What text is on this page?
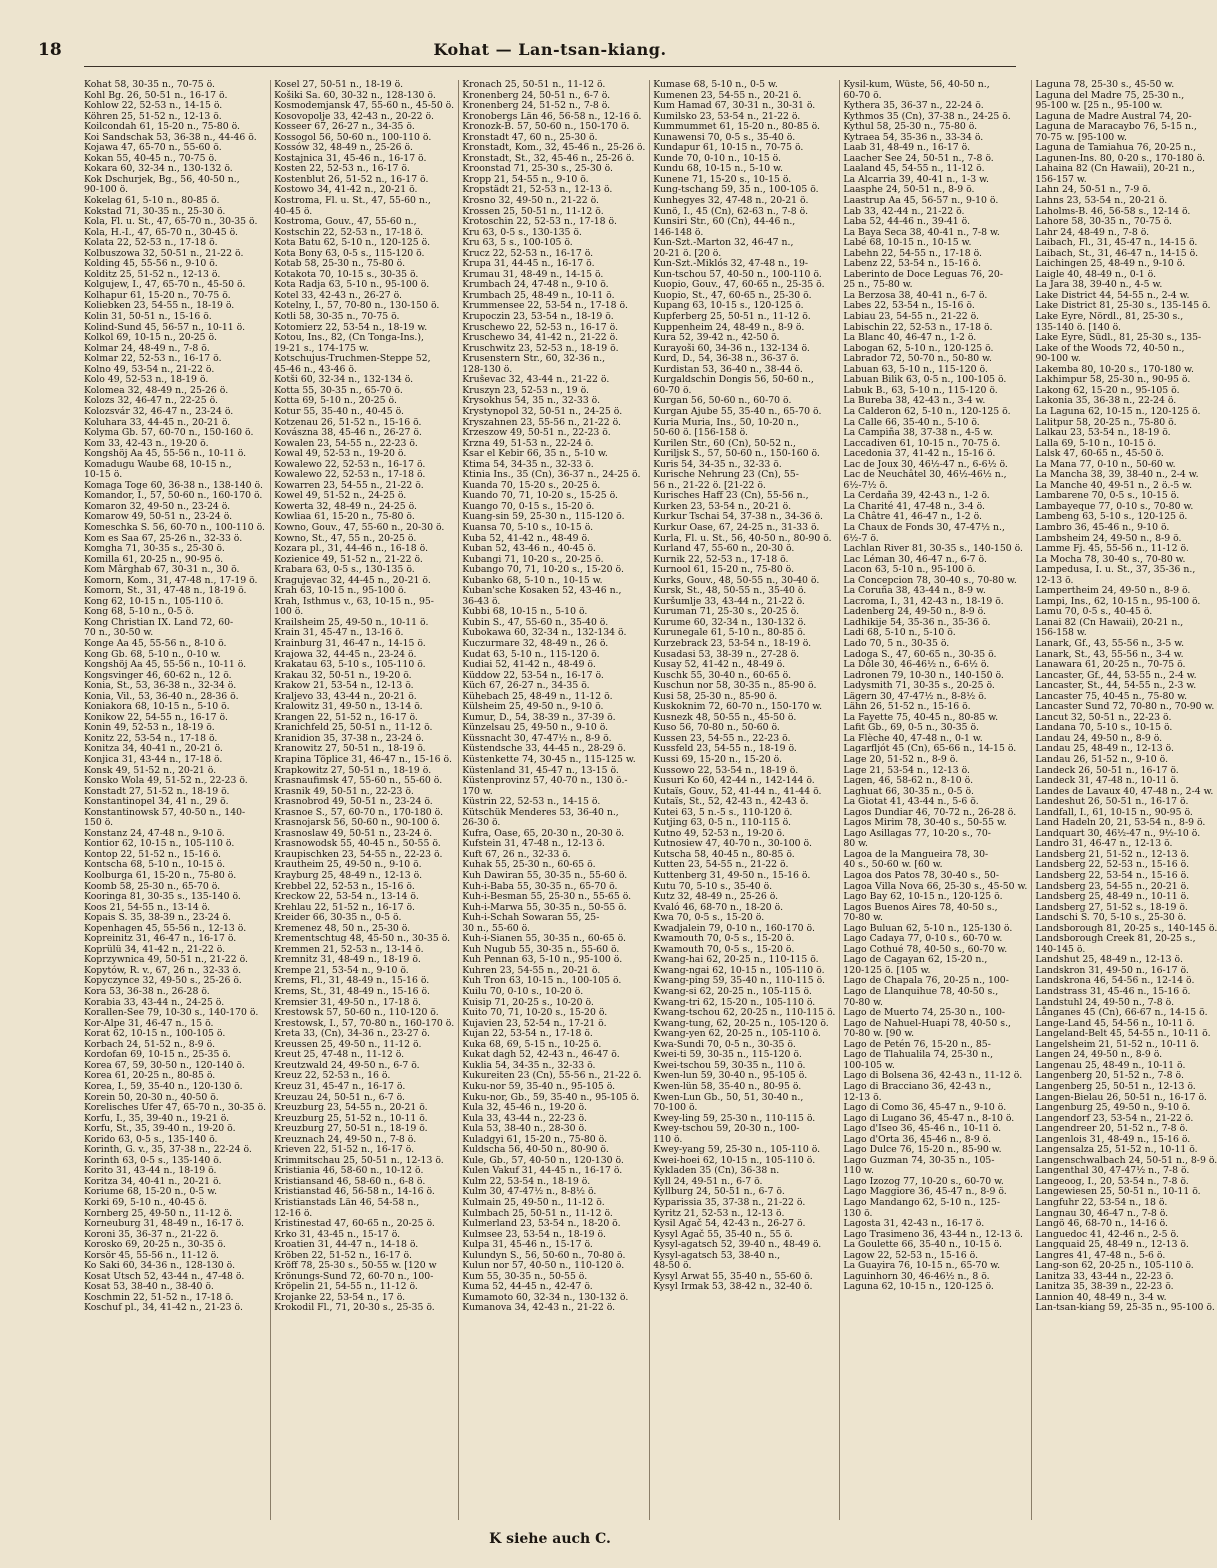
18	Kohat — Lan-tsan-kiang.
Kohat 58, 30-35 n., 70-75 ö.
Kohl Bg. 26, 50-51 n., 16-17 ö.
Kohlow 22, 52-53 n., 14-15 ö.
Köhren 25, 51-52 n., 12-13 ö.
Koilcondah 61, 15-20 n., 75-80 ö.
Koi Sandschak 53, 36-38 n., 44-46 ö.
Kojawa 47, 65-70 n., 55-60 ö.
Kokan 55, 40-45 n., 70-75 ö.
Kokara 60, 32-34 n., 130-132 ö.
Kok Dschurjek, Bg., 56, 40-50 n.,
90-100 ö.
Kokelag 61, 5-10 n., 80-85 ö.
Kokstad 71, 30-35 n., 25-30 ö.
Kola, Fl. u. St., 47, 65-70 n., 30-35 ö.
Kola, H.-I., 47, 65-70 n., 30-45 ö.
Kolata 22, 52-53 n., 17-18 ö.
Kolbuszowa 32, 50-51 n., 21-22 ö.
Kolding 45, 55-56 n., 9-10 ö.
Kolditz 25, 51-52 n., 12-13 ö.
Kolgujew, I., 47, 65-70 n., 45-50 ö.
Kolhapur 61, 15-20 n., 70-75 ö.
Koliebken 23, 54-55 n., 18-19 ö.
Kolin 31, 50-51 n., 15-16 ö.
Kolind-Sund 45, 56-57 n., 10-11 ö.
Kolkol 69, 10-15 n., 20-25 ö.
Kolmar 24, 48-49 n., 7-8 ö.
Kolmar 22, 52-53 n., 16-17 ö.
Kolno 49, 53-54 n., 21-22 ö.
Kolo 49, 52-53 n., 18-19 ö.
Kolomea 32, 48-49 n., 25-26 ö.
Kolozs 32, 46-47 n., 22-25 ö.
Kolozsvár 32, 46-47 n., 23-24 ö.
Koluhara 33, 44-45 n., 20-21 ö.
Kolyma Gb. 57, 60-70 n., 150-160 ö.
Kom 33, 42-43 n., 19-20 ö.
Kongshöj Aa 45, 55-56 n., 10-11 ö.
Komadugu Waube 68, 10-15 n.,
10-15 ö.
Komaga Toge 60, 36-38 n., 138-140 ö.
Komandor, I., 57, 50-60 n., 160-170 ö.
Komaron 32, 49-50 n., 23-24 ö.
Komarow 49, 50-51 n., 23-24 ö.
Komeschka S. 56, 60-70 n., 100-110 ö.
Kom es Saa 67, 25-26 n., 32-33 ö.
Komgha 71, 30-35 s., 25-30 ö.
Komilla 61, 20-25 n., 90-95 ö.
Kom Mârghab 67, 30-31 n., 30 ö.
Komorn, Kom., 31, 47-48 n., 17-19 ö.
Komorn, St., 31, 47-48 n., 18-19 ö.
Kong 62, 10-15 n., 105-110 ö.
Kong 68, 5-10 n., 0-5 ö.
Kong Christian IX. Land 72, 60-
70 n., 30-50 w.
Konge Aa 45, 55-56 n., 8-10 ö.
Kong Gb. 68, 5-10 n., 0-10 w.
Kongshöj Aa 45, 55-56 n., 10-11 ö.
Kongsvinger 46, 60-62 n., 12 ö.
Konia, St., 53, 36-38 n., 32-34 ö.
Konia, Vil., 53, 36-40 n., 28-36 ö.
Koniakora 68, 10-15 n., 5-10 ö.
Konikow 22, 54-55 n., 16-17 ö.
Konin 49, 52-53 n., 18-19 ö.
Konitz 22, 53-54 n., 17-18 ö.
Konitza 34, 40-41 n., 20-21 ö.
Konjica 31, 43-44 n., 17-18 ö.
Konsk 49, 51-52 n., 20-21 ö.
Konsko Wola 49, 51-52 n., 22-23 ö.
Konstadt 27, 51-52 n., 18-19 ö.
Konstantinopel 34, 41 n., 29 ö.
Konstantinowsk 57, 40-50 n., 140-
150 ö.
Konstanz 24, 47-48 n., 9-10 ö.
Kontior 62, 10-15 n., 105-110 ö.
Kontop 22, 51-52 n., 15-16 ö.
Kontscha 68, 5-10 n., 10-15 ö.
Koolburga 61, 15-20 n., 75-80 ö.
Koomb 58, 25-30 n., 65-70 ö.
Kooringa 81, 30-35 s., 135-140 ö.
Koos 21, 54-55 n., 13-14 ö.
Kopais S. 35, 38-39 n., 23-24 ö.
Kopenhagen 45, 55-56 n., 12-13 ö.
Kopreinitz 31, 46-47 n., 16-17 ö.
Koprülü 34, 41-42 n., 21-22 ö.
Koprzywnica 49, 50-51 n., 21-22 ö.
Kopytów, R. v., 67, 26 n., 32-33 ö.
Kopyczynce 32, 49-50 s., 25-26 ö.
Kora 53, 36-38 n., 26-28 ö.
Korabia 33, 43-44 n., 24-25 ö.
Korallen-See 79, 10-30 s., 140-170 ö.
Kor-Alpe 31, 46-47 n., 15 ö.
Korat 62, 10-15 n., 100-105 ö.
Korbach 24, 51-52 n., 8-9 ö.
Kordofan 69, 10-15 n., 25-35 ö.
Korea 67, 59, 30-50 n., 120-140 ö.
Korea 61, 20-25 n., 80-85 ö.
Korea, I., 59, 35-40 n., 120-130 ö.
Korein 50, 20-30 n., 40-50 ö.
Korelisches Ufer 47, 65-70 n., 30-35 ö.
Korfu, I., 35, 39-40 n., 19-21 ö.
Korfu, St., 35, 39-40 n., 19-20 ö.
Korido 63, 0-5 s., 135-140 ö.
Korinth, G. v., 35, 37-38 n., 22-24 ö.
Korinth 63, 0-5 s., 135-140 ö.
Korito 31, 43-44 n., 18-19 ö.
Koritza 34, 40-41 n., 20-21 ö.
Koriume 68, 15-20 n., 0-5 w.
Korki 69, 5-10 n., 40-45 ö.
Kornberg 25, 49-50 n., 11-12 ö.
Korneuburg 31, 48-49 n., 16-17 ö.
Koroni 35, 36-37 n., 21-22 ö.
Korosko 69, 20-25 n., 30-35 ö.
Korsör 45, 55-56 n., 11-12 ö.
Ko Saki 60, 34-36 n., 128-130 ö.
Kosat Utsch 52, 43-44 n., 47-48 ö.
Kosat 53, 38-40 n., 38-40 ö.
Koschmin 22, 51-52 n., 17-18 ö.
Koschuf pl., 34, 41-42 n., 21-23 ö.
Kosel 27, 50-51 n., 18-19 ö.
Košiki Sa. 60, 30-32 n., 128-130 ö.
Kosmodemjansk 47, 55-60 n., 45-50 ö.
Kosovopolje 33, 42-43 n., 20-22 ö.
Kosseer 67, 26-27 n., 34-35 ö.
Kossogol 56, 50-60 n., 100-110 ö.
Kossów 32, 48-49 n., 25-26 ö.
Kostajnica 31, 45-46 n., 16-17 ö.
Kosten 22, 52-53 n., 16-17 ö.
Kostenblut 26, 51-52 n., 16-17 ö.
Kostowo 34, 41-42 n., 20-21 ö.
Kostroma, Fl. u. St., 47, 55-60 n.,
40-45 ö.
Kostroma, Gouv., 47, 55-60 n.,
Kostschin 22, 52-53 n., 17-18 ö.
Kota Batu 62, 5-10 n., 120-125 ö.
Kota Bony 63, 0-5 s., 115-120 ö.
Kotab 58, 25-30 n., 75-80 ö.
Kotakota 70, 10-15 s., 30-35 ö.
Kota Radja 63, 5-10 n., 95-100 ö.
Kotel 33, 42-43 n., 26-27 ö.
Kotelny, I., 57, 70-80 n., 130-150 ö.
Kotli 58, 30-35 n., 70-75 ö.
Kotomierz 22, 53-54 n., 18-19 w.
Kotou, Ins., 82, (Cn Tonga-Ins.),
19-21 s., 174-175 w.
Kotschujus-Truchmen-Steppe 52,
45-46 n., 43-46 ö.
Kotši 60, 32-34 n., 132-134 ö.
Kotta 55, 30-35 n., 65-70 ö.
Kotta 69, 5-10 n., 20-25 ö.
Kotur 55, 35-40 n., 40-45 ö.
Kotzenau 26, 51-52 n., 15-16 ö.
Kovászna 38, 45-46 n., 26-27 ö.
Kowalen 23, 54-55 n., 22-23 ö.
Kowal 49, 52-53 n., 19-20 ö.
Kowalewo 22, 52-53 n., 16-17 ö.
Kowalewo 22, 52-53 n., 17-18 ö.
Kowarren 23, 54-55 n., 21-22 ö.
Kowel 49, 51-52 n., 24-25 ö.
Kowerta 32, 48-49 n., 24-25 ö.
Kowliaa 61, 15-20 n., 75-80 ö.
Kowno, Gouv., 47, 55-60 n., 20-30 ö.
Kowno, St., 47, 55 n., 20-25 ö.
Kozara pl., 31, 44-46 n., 16-18 ö.
Kozienice 49, 51-52 n., 21-22 ö.
Krabara 63, 0-5 s., 130-135 ö.
Kragujevac 32, 44-45 n., 20-21 ö.
Krah 63, 10-15 n., 95-100 ö.
Krah, Isthmus v., 63, 10-15 n., 95-
100 ö.
Krailsheim 25, 49-50 n., 10-11 ö.
Krain 31, 45-47 n., 13-16 ö.
Krainburg 31, 46-47 n., 14-15 ö.
Krajowa 32, 44-45 n., 23-24 ö.
Krakatau 63, 5-10 s., 105-110 ö.
Krakau 32, 50-51 n., 19-20 ö.
Krakow 21, 53-54 n., 12-13 ö.
Kraljevo 33, 43-44 n., 20-21 ö.
Kralowitz 31, 49-50 n., 13-14 ö.
Krangen 22, 51-52 n., 16-17 ö.
Kranichfeld 25, 50-51 n., 11-12 ö.
Kranidion 35, 37-38 n., 23-24 ö.
Kranowitz 27, 50-51 n., 18-19 ö.
Krapina Töplice 31, 46-47 n., 15-16 ö.
Krapkowitz 27, 50-51 n., 18-19 ö.
Krasnaufimsk 47, 55-60 n., 55-60 ö.
Krasnik 49, 50-51 n., 22-23 ö.
Krasnobrod 49, 50-51 n., 23-24 ö.
Krasnoe S., 57, 60-70 n., 170-180 ö.
Krasnojarsk 56, 50-60 n., 90-100 ö.
Krasnoslaw 49, 50-51 n., 23-24 ö.
Krasnowodsk 55, 40-45 n., 50-55 ö.
Kraupischken 23, 54-55 n., 22-23 ö.
Krautheim 25, 49-50 n., 9-10 ö.
Krayburg 25, 48-49 n., 12-13 ö.
Krebbel 22, 52-53 n., 15-16 ö.
Kreckow 22, 53-54 n., 13-14 ö.
Krehlau 22, 51-52 n., 16-17 ö.
Kreider 66, 30-35 n., 0-5 ö.
Kremenez 48, 50 n., 25-30 ö.
Krementschtug 48, 45-50 n., 30-35 ö.
Kremmen 21, 52-53 n., 13-14 ö.
Kremnitz 31, 48-49 n., 18-19 ö.
Krempe 21, 53-54 n., 9-10 ö.
Krems, Fl., 31, 48-49 n., 15-16 ö.
Krems, St., 31, 48-49 n., 15-16 ö.
Kremsier 31, 49-50 n., 17-18 ö.
Krestowsk 57, 50-60 n., 110-120 ö.
Krestowsk, I., 57, 70-80 n., 160-170 ö.
Kreta 33, (Cn), 34-36 n., 23-27 ö.
Kreussen 25, 49-50 n., 11-12 ö.
Kreut 25, 47-48 n., 11-12 ö.
Kreutzwald 24, 49-50 n., 6-7 ö.
Kreuz 22, 52-53 n., 16 ö.
Kreuz 31, 45-47 n., 16-17 ö.
Kreuzau 24, 50-51 n., 6-7 ö.
Kreuzburg 23, 54-55 n., 20-21 ö.
Kreuzburg 25, 51-52 n., 10-11 ö.
Kreuzburg 27, 50-51 n., 18-19 ö.
Kreuznach 24, 49-50 n., 7-8 ö.
Krieven 22, 51-52 n., 16-17 ö.
Krimmitschau 25, 50-51 n., 12-13 ö.
Kristiania 46, 58-60 n., 10-12 ö.
Kristiansand 46, 58-60 n., 6-8 ö.
Kristianstad 46, 56-58 n., 14-16 ö.
Kristianstads Län 46, 54-58 n.,
12-16 ö.
Kristinestad 47, 60-65 n., 20-25 ö.
Krko 31, 43-45 n., 15-17 ö.
Kroatien 31, 44-47 n., 14-18 ö.
Kröben 22, 51-52 n., 16-17 ö.
Kröff 78, 25-30 s., 50-55 w. [120 w
Krönungs-Sund 72, 60-70 n., 100-
Kröpelin 21, 54-55 n., 11-12 ö.
Krojanke 22, 53-54 n., 17 ö.
Krokodil Fl., 71, 20-30 s., 25-35 ö.
Kronach 25, 50-51 n., 11-12 ö.
Kronenberg 24, 50-51 n., 6-7 ö.
Kronenberg 24, 51-52 n., 7-8 ö.
Kronobergs Län 46, 56-58 n., 12-16 ö.
Kronozk-B. 57, 50-60 n., 150-170 ö.
Kronstadt 47, 60 n., 25-30 ö.
Kronstadt, Kom., 32, 45-46 n., 25-26 ö.
Kronstadt, St., 32, 45-46 n., 25-26 ö.
Kroonstad 71, 25-30 s., 25-30 ö.
Kropp 21, 54-55 n., 9-10 ö.
Kropstädt 21, 52-53 n., 12-13 ö.
Krosno 32, 49-50 n., 21-22 ö.
Krossen 25, 50-51 n., 11-12 ö.
Krotoschin 22, 52-53 n., 17-18 ö.
Kru 63, 0-5 s., 130-135 ö.
Kru 63, 5 s., 100-105 ö.
Krucz 22, 52-53 n., 16-17 ö.
Krupa 31, 44-45 n., 16-17 ö.
Krumau 31, 48-49 n., 14-15 ö.
Krumbach 24, 47-48 n., 9-10 ö.
Krumbach 25, 48-49 n., 10-11 ö.
Krummensee 22, 53-54 n., 17-18 ö.
Krupoczin 23, 53-54 n., 18-19 ö.
Kruschewo 22, 52-53 n., 16-17 ö.
Kruschewo 34, 41-42 n., 21-22 ö.
Kruschwitz 23, 52-53 n., 18-19 ö.
Krusenstern Str., 60, 32-36 n.,
128-130 ö.
Kruševac 32, 43-44 n., 21-22 ö.
Kruszyn 23, 52-53 n., 19 ö.
Krysokhus 54, 35 n., 32-33 ö.
Krystynopol 32, 50-51 n., 24-25 ö.
Kryszahnen 23, 55-56 n., 21-22 ö.
Krzeszow 49, 50-51 n., 22-23 ö.
Krzna 49, 51-53 n., 22-24 ö.
Ksar el Kebir 66, 35 n., 5-10 w.
Ktima 54, 34-35 n., 32-33 ö.
Ktinia Ins., 35 (Cn), 36-37 n., 24-25 ö.
Kuanda 70, 15-20 s., 20-25 ö.
Kuando 70, 71, 10-20 s., 15-25 ö.
Kuango 70, 0-15 s., 15-20 ö.
Kuang-sin 59, 25-30 n., 115-120 ö.
Kuansa 70, 5-10 s., 10-15 ö.
Kuba 52, 41-42 n., 48-49 ö.
Kuban 52, 43-46 n., 40-45 ö.
Kubangi 71, 10-20 s., 20-25 ö.
Kubango 70, 71, 10-20 s., 15-20 ö.
Kubanko 68, 5-10 n., 10-15 w.
Kuban'sche Kosaken 52, 43-46 n.,
36-43 ö.
Kubbi 68, 10-15 n., 5-10 ö.
Kubin S., 47, 55-60 n., 35-40 ö.
Kubokawa 60, 32-34 n., 132-134 ö.
Kuczurmare 32, 48-49 n., 26 ö.
Kudat 63, 5-10 n., 115-120 ö.
Kudiai 52, 41-42 n., 48-49 ö.
Küddow 22, 53-54 n., 16-17 ö.
Küch 67, 26-27 n., 34-35 ö.
Kühebach 25, 48-49 n., 11-12 ö.
Külsheim 25, 49-50 n., 9-10 ö.
Kumur, D., 54, 38-39 n., 37-39 ö.
Künzelsau 25, 49-50 n., 9-10 ö.
Küssnacht 30, 47-47½ n., 8-9 ö.
Küstendsche 33, 44-45 n., 28-29 ö.
Küstenkette 74, 30-45 n., 115-125 w.
Küstenland 31, 45-47 n., 13-15 ö.
Küstenprovinz 57, 40-70 n., 130 ö.-
170 w.
Küstrin 22, 52-53 n., 14-15 ö.
Kütschük Menderes 53, 36-40 n.,
26-30 ö.
Kufra, Oase, 65, 20-30 n., 20-30 ö.
Kufstein 31, 47-48 n., 12-13 ö.
Kuft 67, 26 n., 32-33 ö.
Kuhak 55, 25-30 n., 60-65 ö.
Kuh Dawiran 55, 30-35 n., 55-60 ö.
Kuh-i-Baba 55, 30-35 n., 65-70 ö.
Kuh-i-Besman 55, 25-30 n., 55-65 ö.
Kuh-i-Marwa 55, 30-35 n., 50-55 ö.
Kuh-i-Schah Sowaran 55, 25-
30 n., 55-60 ö.
Kuh-i-Sianen 55, 30-35 n., 60-65 ö.
Kuh Nugub 55, 30-35 n., 55-60 ö.
Kuh Pennan 63, 5-10 n., 95-100 ö.
Kuhren 23, 54-55 n., 20-21 ö.
Kuh Tron 63, 10-15 n., 100-105 ö.
Kuilu 70, 0-10 s., 10-20 ö.
Kuisip 71, 20-25 s., 10-20 ö.
Kuito 70, 71, 10-20 s., 15-20 ö.
Kujavien 23, 52-54 n., 17-21 ö.
Kujan 22, 53-54 n., 17-18 ö.
Kuka 68, 69, 5-15 n., 10-25 ö.
Kukat dagh 52, 42-43 n., 46-47 ö.
Kuklia 54, 34-35 n., 32-33 ö.
Kukureiten 23 (Cn), 55-56 n., 21-22 ö.
Kuku-nor 59, 35-40 n., 95-105 ö.
Kuku-nor, Gb., 59, 35-40 n., 95-105 ö.
Kula 32, 45-46 n., 19-20 ö.
Kula 33, 43-44 n., 22-23 ö.
Kula 53, 38-40 n., 28-30 ö.
Kuladgyi 61, 15-20 n., 75-80 ö.
Kuldscha 56, 40-50 n., 80-90 ö.
Kule, Gb., 57, 40-50 n., 120-130 ö.
Kulen Vakuf 31, 44-45 n., 16-17 ö.
Kulm 22, 53-54 n., 18-19 ö.
Kulm 30, 47-47½ n., 8-8½ ö.
Kulmain 25, 49-50 n., 11-12 ö.
Kulmbach 25, 50-51 n., 11-12 ö.
Kulmerland 23, 53-54 n., 18-20 ö.
Kulmsee 23, 53-54 n., 18-19 ö.
Kulpa 31, 45-46 n., 15-17 ö.
Kulundyn S., 56, 50-60 n., 70-80 ö.
Kulun nor 57, 40-50 n., 110-120 ö.
Kum 55, 30-35 n., 50-55 ö.
Kuma 52, 44-45 n., 42-47 ö.
Kumamoto 60, 32-34 n., 130-132 ö.
Kumanova 34, 42-43 n., 21-22 ö.
Kumase 68, 5-10 n., 0-5 w.
Kumenen 23, 54-55 n., 20-21 ö.
Kum Hamad 67, 30-31 n., 30-31 ö.
Kumilsko 23, 53-54 n., 21-22 ö.
Kummummet 61, 15-20 n., 80-85 ö.
Kunawensi 70, 0-5 s., 35-40 ö.
Kundapur 61, 10-15 n., 70-75 ö.
Kunde 70, 0-10 n., 10-15 ö.
Kundu 68, 10-15 n., 5-10 w.
Kunene 71, 15-20 s., 10-15 ö.
Kung-tschang 59, 35 n., 100-105 ö.
Kunhegyes 32, 47-48 n., 20-21 ö.
Kunö, I., 45 (Cn), 62-63 n., 7-8 ö.
Kunsiri Str., 60 (Cn), 44-46 n.,
146-148 ö.
Kun-Szt.-Marton 32, 46-47 n.,
20-21 ö. [20 ö.
Kun-Szt.-Miklós 32, 47-48 n., 19-
Kun-tschou 57, 40-50 n., 100-110 ö.
Kuopio, Gouv., 47, 60-65 n., 25-35 ö.
Kuopio, St., 47, 60-65 n., 25-30 ö.
Kupang 63, 10-15 s., 120-125 ö.
Kupferberg 25, 50-51 n., 11-12 ö.
Kuppenheim 24, 48-49 n., 8-9 ö.
Kura 52, 39-42 n., 42-50 ö.
Kurayoši 60, 34-36 n., 132-134 ö.
Kurd, D., 54, 36-38 n., 36-37 ö.
Kurdistan 53, 36-40 n., 38-44 ö.
Kurgaldschin Dongis 56, 50-60 n.,
60-70 ö.
Kurgan 56, 50-60 n., 60-70 ö.
Kurgan Ajube 55, 35-40 n., 65-70 ö.
Kuria Muria, Ins., 50, 10-20 n.,
50-60 ö. [156-158 ö.
Kurilen Str., 60 (Cn), 50-52 n.,
Kuriljsk S., 57, 50-60 n., 150-160 ö.
Kuris 54, 34-35 n., 32-33 ö.
Kurische Nehrung 23 (Cn), 55-
56 n., 21-22 ö. [21-22 ö.
Kurisches Haff 23 (Cn), 55-56 n.,
Kurken 23, 53-54 n., 20-21 ö.
Kurkur Tschai 54, 37-38 n., 34-36 ö.
Kurkur Oase, 67, 24-25 n., 31-33 ö.
Kurla, Fl. u. St., 56, 40-50 n., 80-90 ö.
Kurland 47, 55-60 n., 20-30 ö.
Kurnik 22, 52-53 n., 17-18 ö.
Kurnool 61, 15-20 n., 75-80 ö.
Kurks, Gouv., 48, 50-55 n., 30-40 ö.
Kursk, St., 48, 50-55 n., 35-40 ö.
Kuršumlje 33, 43-44 n., 21-22 ö.
Kuruman 71, 25-30 s., 20-25 ö.
Kurume 60, 32-34 n., 130-132 ö.
Kurunegale 61, 5-10 n., 80-85 ö.
Kurzebrack 23, 53-54 n., 18-19 ö.
Kusadasi 53, 38-39 n., 27-28 ö.
Kusay 52, 41-42 n., 48-49 ö.
Kuschk 55, 30-40 n., 60-65 ö.
Kuschun nor 58, 30-35 n., 85-90 ö.
Kusi 58, 25-30 n., 85-90 ö.
Kuskoknim 72, 60-70 n., 150-170 w.
Kusnezk 48, 50-55 n., 45-50 ö.
Kuso 56, 70-80 n., 50-60 ö.
Kussen 23, 54-55 n., 22-23 ö.
Kussfeld 23, 54-55 n., 18-19 ö.
Kussi 69, 15-20 n., 15-20 ö.
Kussowo 22, 53-54 n., 18-19 ö.
Kusuri Ko 60, 42-44 n., 142-144 ö.
Kutaïs, Gouv., 52, 41-44 n., 41-44 ö.
Kutaïs, St., 52, 42-43 n., 42-43 ö.
Kutei 63, 5 n.-5 s., 110-120 ö.
Kutjing 63, 0-5 n., 110-115 ö.
Kutno 49, 52-53 n., 19-20 ö.
Kutnosiew 47, 40-70 n., 30-100 ö.
Kutscha 58, 40-45 n., 80-85 ö.
Kutten 23, 54-55 n., 21-22 ö.
Kuttenberg 31, 49-50 n., 15-16 ö.
Kutu 70, 5-10 s., 35-40 ö.
Kutz 32, 48-49 n., 25-26 ö.
Kvaló 46, 68-70 n., 18-20 ö.
Kwa 70, 0-5 s., 15-20 ö.
Kwadjalein 79, 0-10 n., 160-170 ö.
Kwamouth 70, 0-5 s., 15-20 ö.
Kwamouth 70, 0-5 s., 15-20 ö.
Kwang-hai 62, 20-25 n., 110-115 ö.
Kwang-ngai 62, 10-15 n., 105-110 ö.
Kwang-ping 59, 35-40 n., 110-115 ö.
Kwang-si 62, 20-25 n., 105-115 ö.
Kwang-tri 62, 15-20 n., 105-110 ö.
Kwang-tschou 62, 20-25 n., 110-115 ö.
Kwang-tung, 62, 20-25 n., 105-120 ö.
Kwang-yen 62, 20-25 n., 105-110 ö.
Kwa-Sundi 70, 0-5 n., 30-35 ö.
Kwei-ti 59, 30-35 n., 115-120 ö.
Kwei-tschou 59, 30-35 n., 110 ö.
Kwen-lun 59, 30-40 n., 95-105 ö.
Kwen-lün 58, 35-40 n., 80-95 ö.
Kwen-Lun Gb., 50, 51, 30-40 n.,
70-100 ö.
Kwey-ling 59, 25-30 n., 110-115 ö.
Kwey-tschou 59, 20-30 n., 100-
110 ö.
Kwey-yang 59, 25-30 n., 105-110 ö.
Kwei-hoei 62, 10-15 n., 105-110 ö.
Kykladen 35 (Cn), 36-38 n.
Kyll 24, 49-51 n., 6-7 ö.
Kyllburg 24, 50-51 n., 6-7 ö.
Kyparissia 35, 37-38 n., 21-22 ö.
Kyritz 21, 52-53 n., 12-13 ö.
Kysil Agač 54, 42-43 n., 26-27 ö.
Kysyl Agač 55, 35-40 n., 55 ö.
Kysyl-agatsch 52, 39-40 n., 48-49 ö.
Kysyl-agatsch 53, 38-40 n.,
48-50 ö.
Kysyl Arwat 55, 35-40 n., 55-60 ö.
Kysyl Irmak 53, 38-42 n., 32-40 ö.
Kysil-kum, Wüste, 56, 40-50 n.,
60-70 ö.
Kythera 35, 36-37 n., 22-24 ö.
Kythmos 35 (Cn), 37-38 n., 24-25 ö.
Kythul 58, 25-30 n., 75-80 ö.
Kytraea 54, 35-36 n., 33-34 ö.
Laab 31, 48-49 n., 16-17 ö.
Laacher See 24, 50-51 n., 7-8 ö.
Laaland 45, 54-55 n., 11-12 ö.
La Alcarria 39, 40-41 n., 1-3 w.
Laasphe 24, 50-51 n., 8-9 ö.
Laastrup Aa 45, 56-57 n., 9-10 ö.
Lab 33, 42-44 n., 21-22 ö.
Laba 52, 44-46 n., 39-41 ö.
La Baya Seca 38, 40-41 n., 7-8 w.
Labé 68, 10-15 n., 10-15 w.
Labehn 22, 54-55 n., 17-18 ö.
Labenz 22, 53-54 n., 15-16 ö.
Laberinto de Doce Leguas 76, 20-
25 n., 75-80 w.
La Berzosa 38, 40-41 n., 6-7 ö.
Labes 22, 53-54 n., 15-16 ö.
Labiau 23, 54-55 n., 21-22 ö.
Labischin 22, 52-53 n., 17-18 ö.
La Blanc 40, 46-47 n., 1-2 ö.
Labogan 62, 5-10 n., 120-125 ö.
Labrador 72, 50-70 n., 50-80 w.
Labuan 63, 5-10 n., 115-120 ö.
Labuan Bilik 63, 0-5 n., 100-105 ö.
Labuk B., 63, 5-10 n., 115-120 ö.
La Bureba 38, 42-43 n., 3-4 w.
La Calderon 62, 5-10 n., 120-125 ö.
La Calle 66, 35-40 n., 5-10 ö.
La Campiña 38, 37-38 n., 4-5 w.
Laccadiven 61, 10-15 n., 70-75 ö.
Lacedonia 37, 41-42 n., 15-16 ö.
Lac de Joux 30, 46½-47 n., 6-6½ ö.
Lac de Neuchâtel 30, 46½-46½ n.,
6½-7½ ö.
La Cerdaña 39, 42-43 n., 1-2 ö.
La Charité 41, 47-48 n., 3-4 ö.
La Châtre 41, 46-47 n., 1-2 ö.
La Chaux de Fonds 30, 47-47½ n.,
6½-7 ö.
Lachlan River 81, 30-35 s., 140-150 ö.
Lac Léman 30, 46-47 n., 6-7 ö.
Lacon 63, 5-10 n., 95-100 ö.
La Concepcion 78, 30-40 s., 70-80 w.
La Coruña 38, 43-44 n., 8-9 w.
Lacroma, I., 31, 42-43 n., 18-19 ö.
Ladenberg 24, 49-50 n., 8-9 ö.
Ladhikije 54, 35-36 n., 35-36 ö.
Ladi 68, 5-10 n., 5-10 ö.
Lado 70, 5 n., 30-35 ö.
Ladoga S., 47, 60-65 n., 30-35 ö.
La Dôle 30, 46-46½ n., 6-6½ ö.
Ladronen 79, 10-30 n., 140-150 ö.
Ladysmith 71, 30-35 s., 20-25 ö.
Lägern 30, 47-47½ n., 8-8½ ö.
Lähn 26, 51-52 n., 15-16 ö.
La Fayette 75, 40-45 n., 80-85 w.
Lafit Gb., 69, 0-5 n., 30-35 ö.
La Flèche 40, 47-48 n., 0-1 w.
Lagarfljót 45 (Cn), 65-66 n., 14-15 ö.
Lage 20, 51-52 n., 8-9 ö.
Lage 21, 53-54 n., 12-13 ö.
Lagen, 46, 58-62 n., 8-10 ö.
Laghuat 66, 30-35 n., 0-5 ö.
La Giotat 41, 43-44 n., 5-6 ö.
Lagos Dundiar 46, 70-72 n., 26-28 ö.
Lagos Mirim 78, 30-40 s., 50-55 w.
Lago Asillagas 77, 10-20 s., 70-
80 w.
Lagoa de la Mangueira 78, 30-
40 s., 50-60 w. [60 w.
Lagoa dos Patos 78, 30-40 s., 50-
Lagoa Villa Nova 66, 25-30 s., 45-50 w.
Lago Bay 62, 10-15 n., 120-125 ö.
Lagos Buenos Aires 78, 40-50 s.,
70-80 w.
Lago Buluan 62, 5-10 n., 125-130 ö.
Lago Cadaya 77, 0-10 s., 60-70 w.
Lago Cothué 78, 40-50 s., 60-70 w.
Lago de Cagayan 62, 15-20 n.,
120-125 ö. [105 w.
Lago de Chapala 76, 20-25 n., 100-
Lago de Llanquihue 78, 40-50 s.,
70-80 w.
Lago de Muerto 74, 25-30 n., 100-
Lago de Nahuel-Huapi 78, 40-50 s.,
70-80 w. [90 w.
Lago de Petén 76, 15-20 n., 85-
Lago de Tlahualila 74, 25-30 n.,
100-105 w.
Lago di Bolsena 36, 42-43 n., 11-12 ö.
Lago di Bracciano 36, 42-43 n.,
12-13 ö.
Lago di Como 36, 45-47 n., 9-10 ö.
Lago di Lugano 36, 45-47 n., 8-10 ö.
Lago d'Iseo 36, 45-46 n., 10-11 ö.
Lago d'Orta 36, 45-46 n., 8-9 ö.
Lago Dulce 76, 15-20 n., 85-90 w.
Lago Guzman 74, 30-35 n., 105-
110 w.
Lago Izozog 77, 10-20 s., 60-70 w.
Lago Maggiore 36, 45-47 n., 8-9 ö.
Lago Mandango 62, 5-10 n., 125-
130 ö.
Lagosta 31, 42-43 n., 16-17 ö.
Lago Trasimeno 36, 43-44 n., 12-13 ö.
La Goulette 66, 35-40 n., 10-15 ö.
Lagow 22, 52-53 n., 15-16 ö.
La Guayira 76, 10-15 n., 65-70 w.
Laguinhorn 30, 46-46½ n., 8 ö.
Laguna 62, 10-15 n., 120-125 ö.
Laguna 78, 25-30 s., 45-50 w.
Laguna del Madre 75, 25-30 n.,
95-100 w. [25 n., 95-100 w.
Laguna de Madre Austral 74, 20-
Laguna de Maracaybo 76, 5-15 n.,
70-75 w. [95-100 w.
Laguna de Tamiahua 76, 20-25 n.,
Lagunen-Ins. 80, 0-20 s., 170-180 ö.
Lahaina 82 (Cn Hawaii), 20-21 n.,
156-157 w.
Lahn 24, 50-51 n., 7-9 ö.
Lahns 23, 53-54 n., 20-21 ö.
Laholms-B. 46, 56-58 s., 12-14 ö.
Lahore 58, 30-35 n., 70-75 ö.
Lahr 24, 48-49 n., 7-8 ö.
Laibach, Fl., 31, 45-47 n., 14-15 ö.
Laibach, St., 31, 46-47 n., 14-15 ö.
Laichingen 25, 48-49 n., 9-10 ö.
Laigle 40, 48-49 n., 0-1 ö.
La Jara 38, 39-40 n., 4-5 w.
Lake District 44, 54-55 n., 2-4 w.
Lake District 81, 25-30 s., 135-145 ö.
Lake Eyre, Nördl., 81, 25-30 s.,
135-140 ö. [140 ö.
Lake Eyre, Südl., 81, 25-30 s., 135-
Lake of the Woods 72, 40-50 n.,
90-100 w.
Lakemba 80, 10-20 s., 170-180 w.
Lakhimpur 58, 25-30 n., 90-95 ö.
Lakong 62, 15-20 n., 95-105 ö.
Lakonia 35, 36-38 n., 22-24 ö.
La Laguna 62, 10-15 n., 120-125 ö.
Lalitpur 58, 20-25 n., 75-80 ö.
Lalkau 23, 53-54 n., 18-19 ö.
Lalla 69, 5-10 n., 10-15 ö.
Lalsk 47, 60-65 n., 45-50 ö.
La Mana 77, 0-10 n., 50-60 w.
La Mancha 38, 39, 38-40 n., 2-4 w.
La Manche 40, 49-51 n., 2 ö.-5 w.
Lambarene 70, 0-5 s., 10-15 ö.
Lambayeque 77, 0-10 s., 70-80 w.
Lambeng 63, 5-10 s., 120-125 ö.
Lambro 36, 45-46 n., 9-10 ö.
Lambsheim 24, 49-50 n., 8-9 ö.
Lamme Fj. 45, 55-56 n., 11-12 ö.
La Mocha 78, 30-40 s., 70-80 w.
Lampedusa, I. u. St., 37, 35-36 n.,
12-13 ö.
Lampertheim 24, 49-50 n., 8-9 ö.
Lampi, Ins., 62, 10-15 n., 95-100 ö.
Lamu 70, 0-5 s., 40-45 ö.
Lanai 82 (Cn Hawaii), 20-21 n.,
156-158 w.
Lanark, Gf., 43, 55-56 n., 3-5 w.
Lanark, St., 43, 55-56 n., 3-4 w.
Lanawara 61, 20-25 n., 70-75 ö.
Lancaster, Gf., 44, 53-55 n., 2-4 w.
Lancaster, St., 44, 54-55 n., 2-3 w.
Lancaster 75, 40-45 n., 75-80 w.
Lancaster Sund 72, 70-80 n., 70-90 w.
Lancut 32, 50-51 n., 22-23 ö.
Landana 70, 5-10 s., 10-15 ö.
Landau 24, 49-50 n., 8-9 ö.
Landau 25, 48-49 n., 12-13 ö.
Landau 26, 51-52 n., 9-10 ö.
Landeck 26, 50-51 n., 16-17 ö.
Landeck 31, 47-48 n., 10-11 ö.
Landes de Lavaux 40, 47-48 n., 2-4 w.
Landeshut 26, 50-51 n., 16-17 ö.
Landfall, I., 61, 10-15 n., 90-95 ö.
Land Hadeln 20, 21, 53-54 n., 8-9 ö.
Landquart 30, 46½-47 n., 9½-10 ö.
Landro 31, 46-47 n., 12-13 ö.
Landsberg 21, 51-52 n., 12-13 ö.
Landsberg 22, 52-53 n., 15-16 ö.
Landsberg 22, 53-54 n., 15-16 ö.
Landsberg 23, 54-55 n., 20-21 ö.
Landsberg 25, 48-49 n., 10-11 ö.
Landsberg 27, 51-52 s., 18-19 ö.
Landschi S. 70, 5-10 s., 25-30 ö.
Landsborough 81, 20-25 s., 140-145 ö.
Landsborough Creek 81, 20-25 s.,
140-145 ö.
Landshut 25, 48-49 n., 12-13 ö.
Landskron 31, 49-50 n., 16-17 ö.
Landskrona 46, 54-56 n., 12-14 ö.
Landstrass 31, 45-46 n., 15-16 ö.
Landstuhl 24, 49-50 n., 7-8 ö.
Långanes 45 (Cn), 66-67 n., 14-15 ö.
Lange-Land 45, 54-56 n., 10-11 ö.
Langeland-Belt 45, 54-55 n., 10-11 ö.
Langelsheim 21, 51-52 n., 10-11 ö.
Langen 24, 49-50 n., 8-9 ö.
Langenau 25, 48-49 n., 10-11 ö.
Langenberg 20, 51-52 n., 7-8 ö.
Langenberg 25, 50-51 n., 12-13 ö.
Langen-Bielau 26, 50-51 n., 16-17 ö.
Langenburg 25, 49-50 n., 9-10 ö.
Langendorf 23, 53-54 n., 21-22 ö.
Langendreer 20, 51-52 n., 7-8 ö.
Langenlois 31, 48-49 n., 15-16 ö.
Langensalza 25, 51-52 n., 10-11 ö.
Langenschwalbach 24, 50-51 n., 8-9 ö.
Langenthal 30, 47-47½ n., 7-8 ö.
Langeoog, I., 20, 53-54 n., 7-8 ö.
Langewiesen 25, 50-51 n., 10-11 ö.
Langfuhr 22, 53-54 n., 18 ö.
Langnau 30, 46-47 n., 7-8 ö.
Langö 46, 68-70 n., 14-16 ö.
Languedoc 41, 42-46 n., 2-5 ö.
Langquaid 25, 48-49 n., 12-13 ö.
Langres 41, 47-48 n., 5-6 ö.
Lang-son 62, 20-25 n., 105-110 ö.
Lanitza 33, 43-44 n., 22-23 ö.
Lanitza 35, 38-39 n., 22-23 ö.
Lannion 40, 48-49 n., 3-4 w.
Lan-tsan-kiang 59, 25-35 n., 95-100 ö.
K siehe auch C.
